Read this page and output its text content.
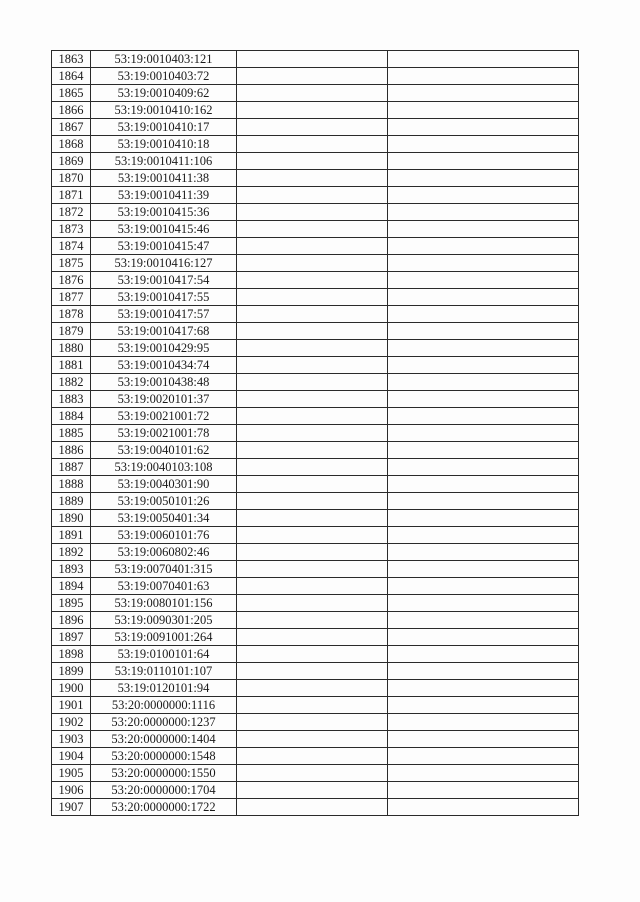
1863	53:19:0010403:121		
1864	53:19:0010403:72		
1865	53:19:0010409:62		
1866	53:19:0010410:162		
1867	53:19:0010410:17		
1868	53:19:0010410:18		
1869	53:19:0010411:106		
1870	53:19:0010411:38		
1871	53:19:0010411:39		
1872	53:19:0010415:36		
1873	53:19:0010415:46		
1874	53:19:0010415:47		
1875	53:19:0010416:127		
1876	53:19:0010417:54		
1877	53:19:0010417:55		
1878	53:19:0010417:57		
1879	53:19:0010417:68		
1880	53:19:0010429:95		
1881	53:19:0010434:74		
1882	53:19:0010438:48		
1883	53:19:0020101:37		
1884	53:19:0021001:72		
1885	53:19:0021001:78		
1886	53:19:0040101:62		
1887	53:19:0040103:108		
1888	53:19:0040301:90		
1889	53:19:0050101:26		
1890	53:19:0050401:34		
1891	53:19:0060101:76		
1892	53:19:0060802:46		
1893	53:19:0070401:315		
1894	53:19:0070401:63		
1895	53:19:0080101:156		
1896	53:19:0090301:205		
1897	53:19:0091001:264		
1898	53:19:0100101:64		
1899	53:19:0110101:107		
1900	53:19:0120101:94		
1901	53:20:0000000:1116		
1902	53:20:0000000:1237		
1903	53:20:0000000:1404		
1904	53:20:0000000:1548		
1905	53:20:0000000:1550		
1906	53:20:0000000:1704		
1907	53:20:0000000:1722		
